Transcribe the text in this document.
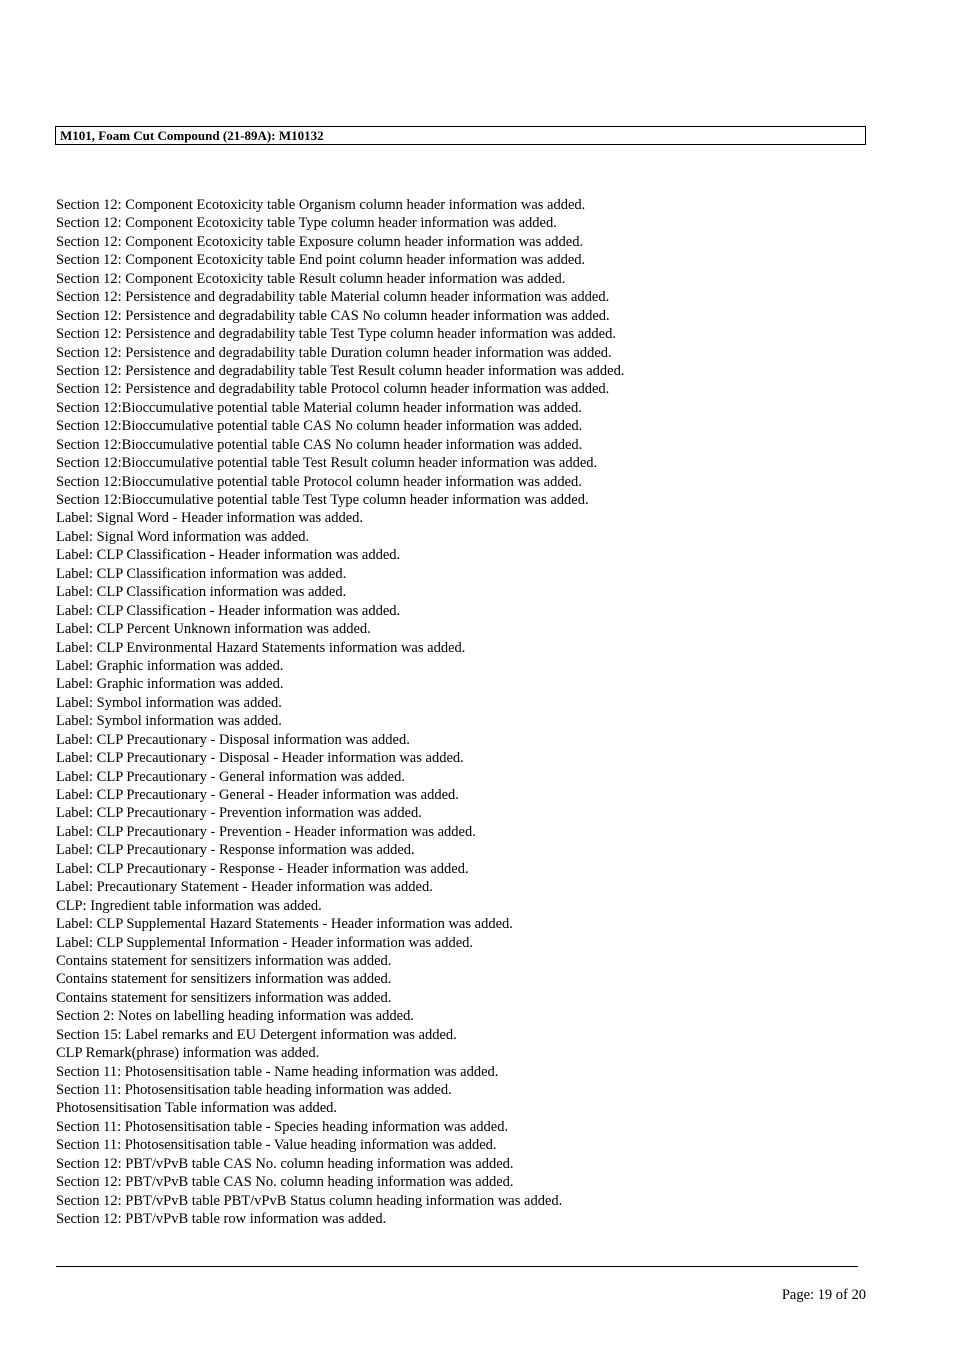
M101, Foam Cut Compound (21-89A): M10132
Section 12: Component Ecotoxicity table Organism column header information was added.
Section 12: Component Ecotoxicity table Type column header information was added.
Section 12: Component Ecotoxicity table Exposure column header information was added.
Section 12: Component Ecotoxicity table End point column header information was added.
Section 12: Component Ecotoxicity table Result column header information was added.
Section 12: Persistence and degradability table Material column header information was added.
Section 12: Persistence and degradability table CAS No column header information was added.
Section 12: Persistence and degradability table Test Type column header information was added.
Section 12: Persistence and degradability table Duration column header information was added.
Section 12: Persistence and degradability table Test Result column header information was added.
Section 12: Persistence and degradability table Protocol column header information was added.
Section 12:Bioccumulative potential table Material column header information was added.
Section 12:Bioccumulative potential table CAS No column header information was added.
Section 12:Bioccumulative potential table CAS No column header information was added.
Section 12:Bioccumulative potential table Test Result column header information was added.
Section 12:Bioccumulative potential table Protocol column header information was added.
Section 12:Bioccumulative potential table Test Type column header information was added.
Label: Signal Word - Header information was added.
Label: Signal Word information was added.
Label: CLP Classification - Header information was added.
Label: CLP Classification information was added.
Label: CLP Classification information was added.
Label: CLP Classification - Header information was added.
Label: CLP Percent Unknown information was added.
Label: CLP Environmental Hazard Statements information was added.
Label: Graphic information was added.
Label: Graphic information was added.
Label: Symbol information was added.
Label: Symbol information was added.
Label: CLP Precautionary - Disposal information was added.
Label: CLP Precautionary - Disposal - Header information was added.
Label: CLP Precautionary - General information was added.
Label: CLP Precautionary - General - Header information was added.
Label: CLP Precautionary - Prevention information was added.
Label: CLP Precautionary - Prevention - Header information was added.
Label: CLP Precautionary - Response information was added.
Label: CLP Precautionary - Response - Header information was added.
Label: Precautionary Statement - Header information was added.
CLP: Ingredient table information was added.
Label: CLP Supplemental Hazard Statements - Header information was added.
Label: CLP Supplemental Information - Header information was added.
Contains statement for sensitizers information was added.
Contains statement for sensitizers information was added.
Contains statement for sensitizers information was added.
Section 2: Notes on labelling heading information was added.
Section 15: Label remarks and EU Detergent information was added.
CLP Remark(phrase) information was added.
Section 11: Photosensitisation table - Name heading information was added.
Section 11: Photosensitisation table heading information was added.
Photosensitisation Table information was added.
Section 11: Photosensitisation table - Species heading information was added.
Section 11: Photosensitisation table - Value heading information was added.
Section 12: PBT/vPvB table CAS No. column heading information was added.
Section 12: PBT/vPvB table CAS No. column heading information was added.
Section 12: PBT/vPvB table PBT/vPvB Status column heading information was added.
Section 12: PBT/vPvB table row information was added.
Page: 19 of 20
